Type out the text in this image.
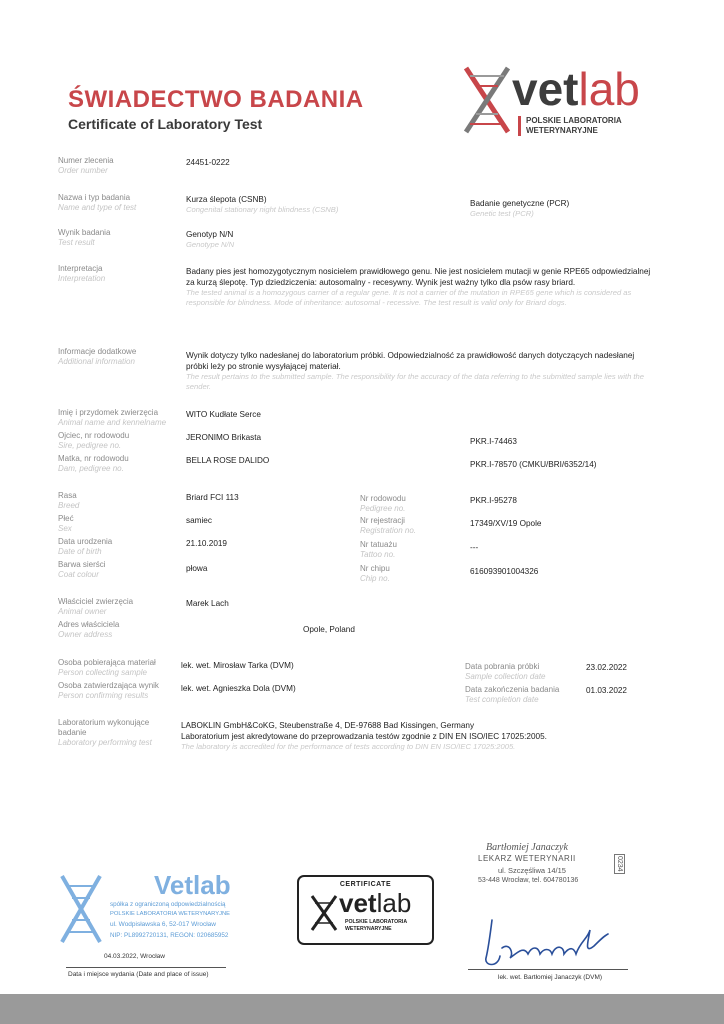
ŚWIADECTWO BADANIA
Certificate of Laboratory Test
vetlab
POLSKIE LABORATORIA
WETERYNARYJNE
Numer zlecenia
Order number
24451-0222
Nazwa i typ badania
Name and type of test
Kurza ślepota (CSNB)
Congenital stationary night blindness (CSNB)
Badanie genetyczne (PCR)
Genetic test (PCR)
Wynik badania
Test result
Genotyp N/N
Genotype N/N
Interpretacja
Interpretation
Badany pies jest homozygotycznym nosicielem prawidłowego genu. Nie jest nosicielem mutacji w genie RPE65 odpowiedzialnej za kurzą ślepotę. Typ dziedziczenia: autosomalny - recesywny. Wynik jest ważny tylko dla psów rasy briard.
The tested animal is a homozygous carrier of a regular gene. It is not a carrier of the mutation in RPE65 gene which is considered as responsible for blindness. Mode of inheritance: autosomal - recessive. The test result is valid only for Briard dogs.
Informacje dodatkowe
Additional information
Wynik dotyczy tylko nadesłanej do laboratorium próbki. Odpowiedzialność za prawidłowość danych dotyczących nadesłanej próbki leży po stronie wysyłającej materiał.
The result pertains to the submitted sample. The responsibility for the accuracy of the data referring to the submitted sample lies with the sender.
Imię i przydomek zwierzęcia
Animal name and kennelname
WITO Kudłate Serce
Ojciec, nr rodowodu
Sire, pedigree no.
JERONIMO Brikasta	PKR.I-74463
Matka, nr rodowodu
Dam, pedigree no.
BELLA ROSE DALIDO	PKR.I-78570 (CMKU/BRI/6352/14)
Rasa
Breed
Briard FCI 113	Nr rodowodu
Pedigree no.
PKR.I-95278
Płeć
Sex
samiec	Nr rejestracji
Registration no.
17349/XV/19 Opole
Data urodzenia
Date of birth
21.10.2019	Nr tatuażu
Tattoo no.
---
Barwa sierści
Coat colour
płowa	Nr chipu
Chip no.
616093901004326
Właściciel zwierzęcia
Animal owner
Marek Lach
Adres właściciela
Owner address
Opole, Poland
Osoba pobierająca materiał
Person collecting sample
lek. wet. Mirosław Tarka (DVM)	Data pobrania próbki
Sample collection date
23.02.2022
Osoba zatwierdzająca wynik
Person confirming results
lek. wet. Agnieszka Dola (DVM)	Data zakończenia badania
Test completion date
01.03.2022
Laboratorium wykonujące badanie
Laboratory performing test
LABOKLIN GmbH&CoKG, Steubenstraße 4, DE-97688 Bad Kissingen, Germany
Laboratorium jest akredytowane do przeprowadzania testów zgodnie z DIN EN ISO/IEC 17025:2005.
The laboratory is accredited for the performance of tests according to DIN EN ISO/IEC 17025:2005.
Vetlab
spółka z ograniczoną odpowiedzialnością
POLSKIE LABORATORIA WETERYNARYJNE
ul. Wodpisławska 6, 52-017 Wrocław
NIP: PL8992720131, REGON: 020685952
04.03.2022, Wrocław
Data i miejsce wydania (Date and place of issue)
CERTIFICATE
vetlab
POLSKIE LABORATORIA
WETERYNARYJNE
Bartłomiej Janaczyk
LEKARZ WETERYNARII
ul. Szczęśliwa 14/15
53-448 Wrocław, tel. 604780136
0234
lek. wet. Bartłomiej Janaczyk (DVM)
